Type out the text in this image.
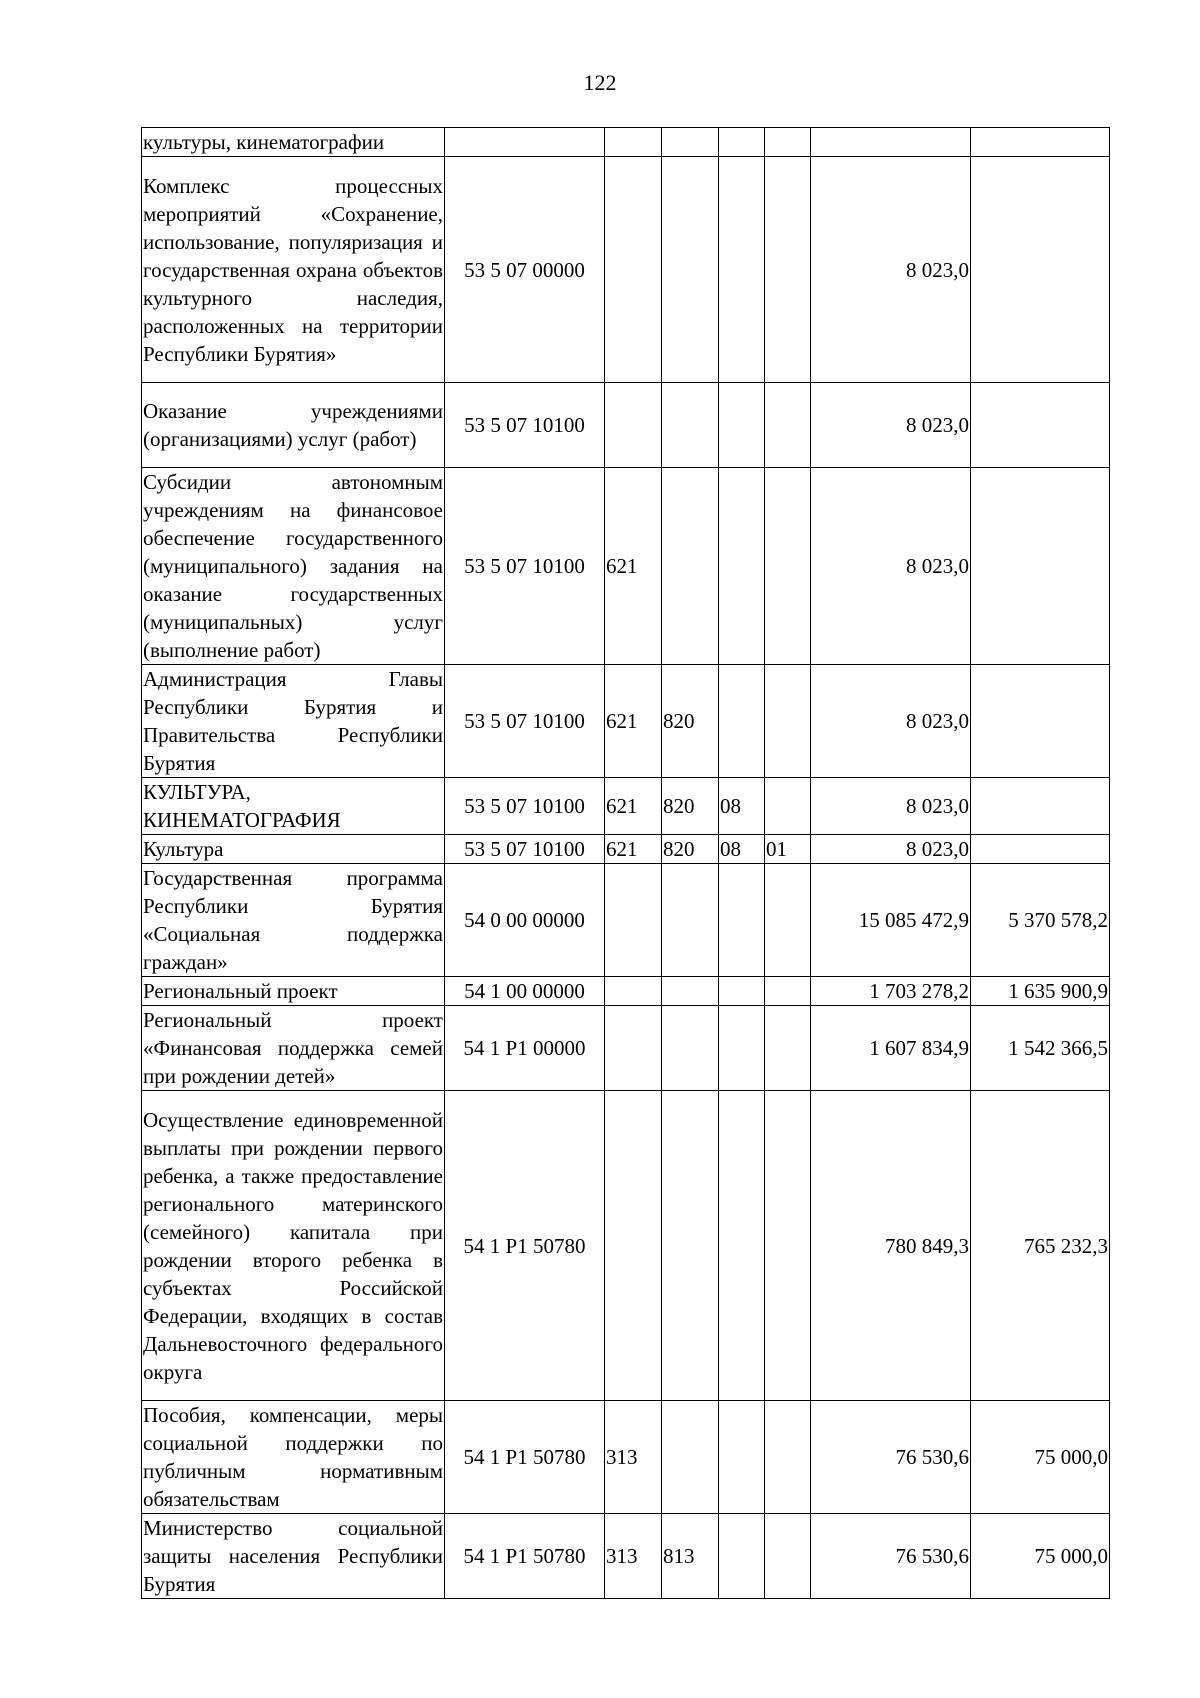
122
культуры, кинематографии							
Комплекс процессных мероприятий «Сохранение, использование, популяризация и государственная охрана объектов культурного наследия, расположенных на территории Республики Бурятия»	53 5 07 00000					8 023,0	
Оказание учреждениями (организациями) услуг (работ)	53 5 07 10100					8 023,0	
Субсидии автономным учреждениям на финансовое обеспечение государственного (муниципального) задания на оказание государственных (муниципальных) услуг (выполнение работ)	53 5 07 10100	621				8 023,0	
Администрация Главы Республики Бурятия и Правительства Республики Бурятия	53 5 07 10100	621	820			8 023,0	
КУЛЬТУРА, КИНЕМАТОГРАФИЯ	53 5 07 10100	621	820	08		8 023,0	
Культура	53 5 07 10100	621	820	08	01	8 023,0	
Государственная программа Республики Бурятия «Социальная поддержка граждан»	54 0 00 00000					15 085 472,9	5 370 578,2
Региональный проект	54 1 00 00000					1 703 278,2	1 635 900,9
Региональный проект «Финансовая поддержка семей при рождении детей»	54 1 P1 00000					1 607 834,9	1 542 366,5
Осуществление единовременной выплаты при рождении первого ребенка, а также предоставление регионального материнского (семейного) капитала при рождении второго ребенка в субъектах Российской Федерации, входящих в состав Дальневосточного федерального округа	54 1 P1 50780					780 849,3	765 232,3
Пособия, компенсации, меры социальной поддержки по публичным нормативным обязательствам	54 1 P1 50780	313				76 530,6	75 000,0
Министерство социальной защиты населения Республики Бурятия	54 1 P1 50780	313	813			76 530,6	75 000,0
